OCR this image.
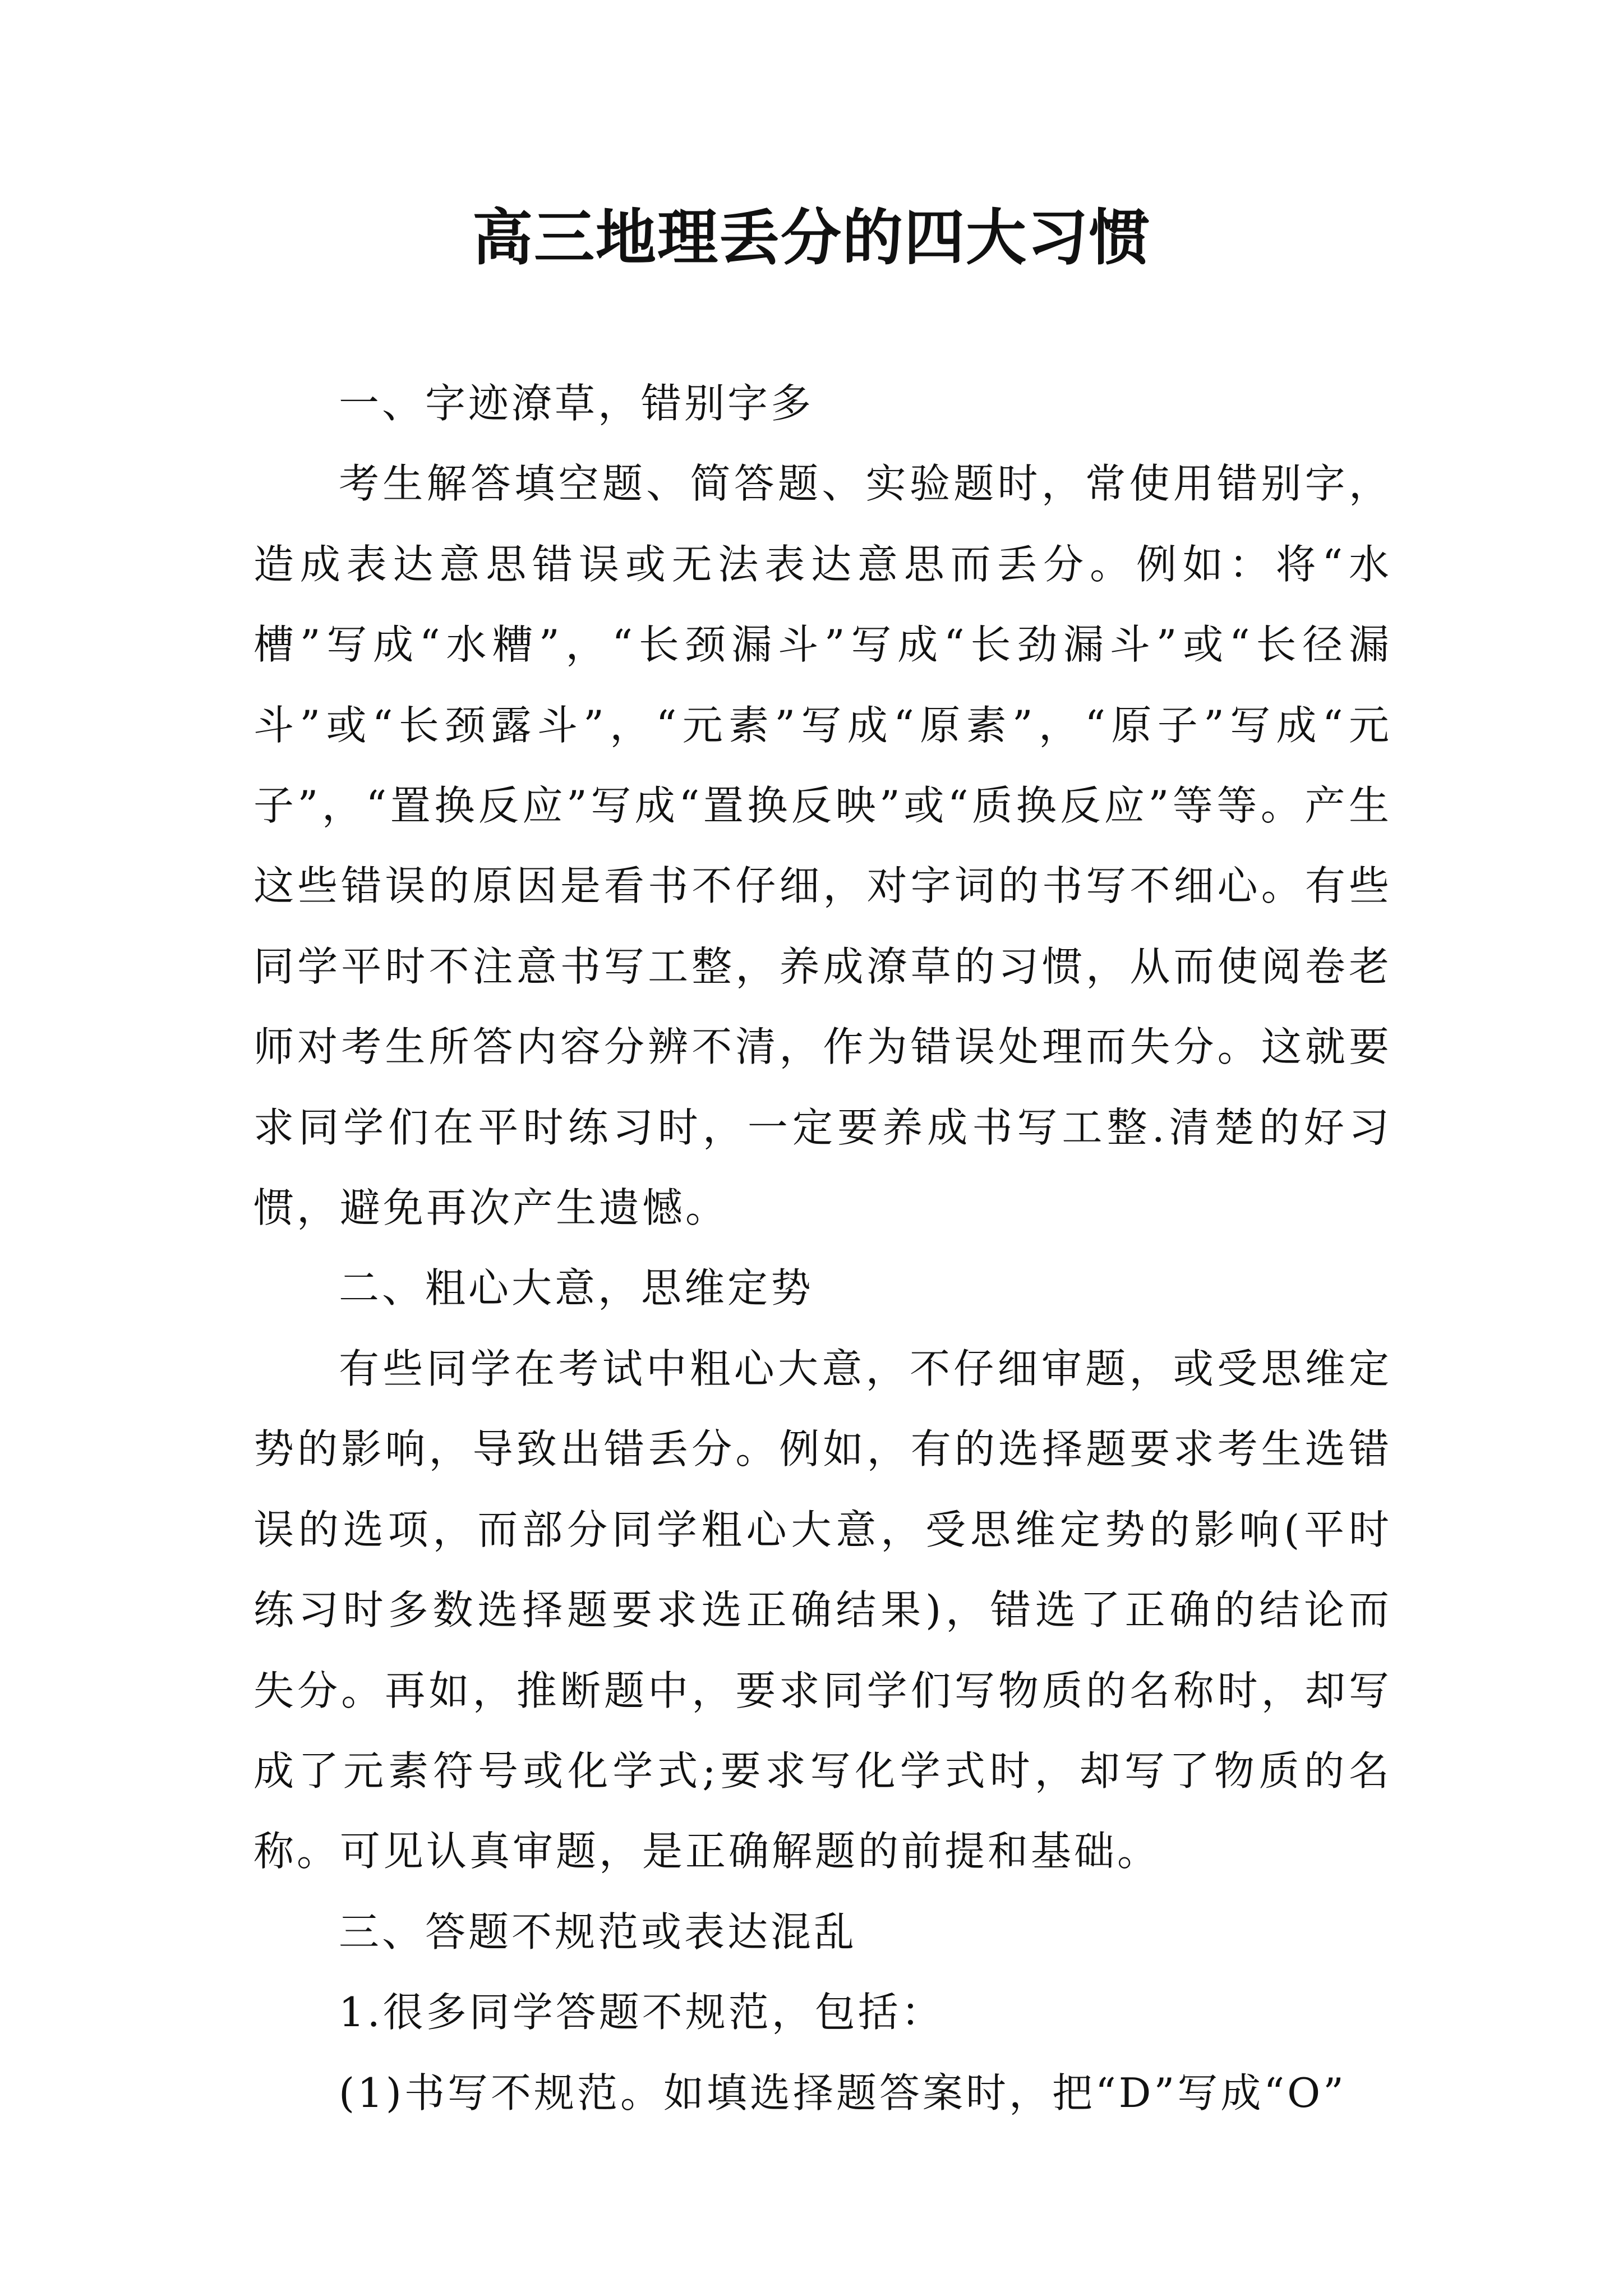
高三地理丢分的四大习惯

一、字迹潦草，错别字多

考生解答填空题、简答题、实验题时，常使用错别字，造成表达意思错误或无法表达意思而丢分。例如：将“水槽”写成“水糟”，“长颈漏斗”写成“长劲漏斗”或“长径漏斗”或“长颈露斗”，“元素”写成“原素”，“原子”写成“元子”，“置换反应”写成“置换反映”或“质换反应”等等。产生这些错误的原因是看书不仔细，对字词的书写不细心。有些同学平时不注意书写工整，养成潦草的习惯，从而使阅卷老师对考生所答内容分辨不清，作为错误处理而失分。这就要求同学们在平时练习时，一定要养成书写工整.清楚的好习惯，避免再次产生遗憾。

二、粗心大意，思维定势

有些同学在考试中粗心大意，不仔细审题，或受思维定势的影响，导致出错丢分。例如，有的选择题要求考生选错误的选项，而部分同学粗心大意，受思维定势的影响(平时练习时多数选择题要求选正确结果)，错选了正确的结论而失分。再如，推断题中，要求同学们写物质的名称时，却写成了元素符号或化学式;要求写化学式时，却写了物质的名称。可见认真审题，是正确解题的前提和基础。

三、答题不规范或表达混乱

1.很多同学答题不规范，包括：

(1)书写不规范。如填选择题答案时，把“D”写成“O”
